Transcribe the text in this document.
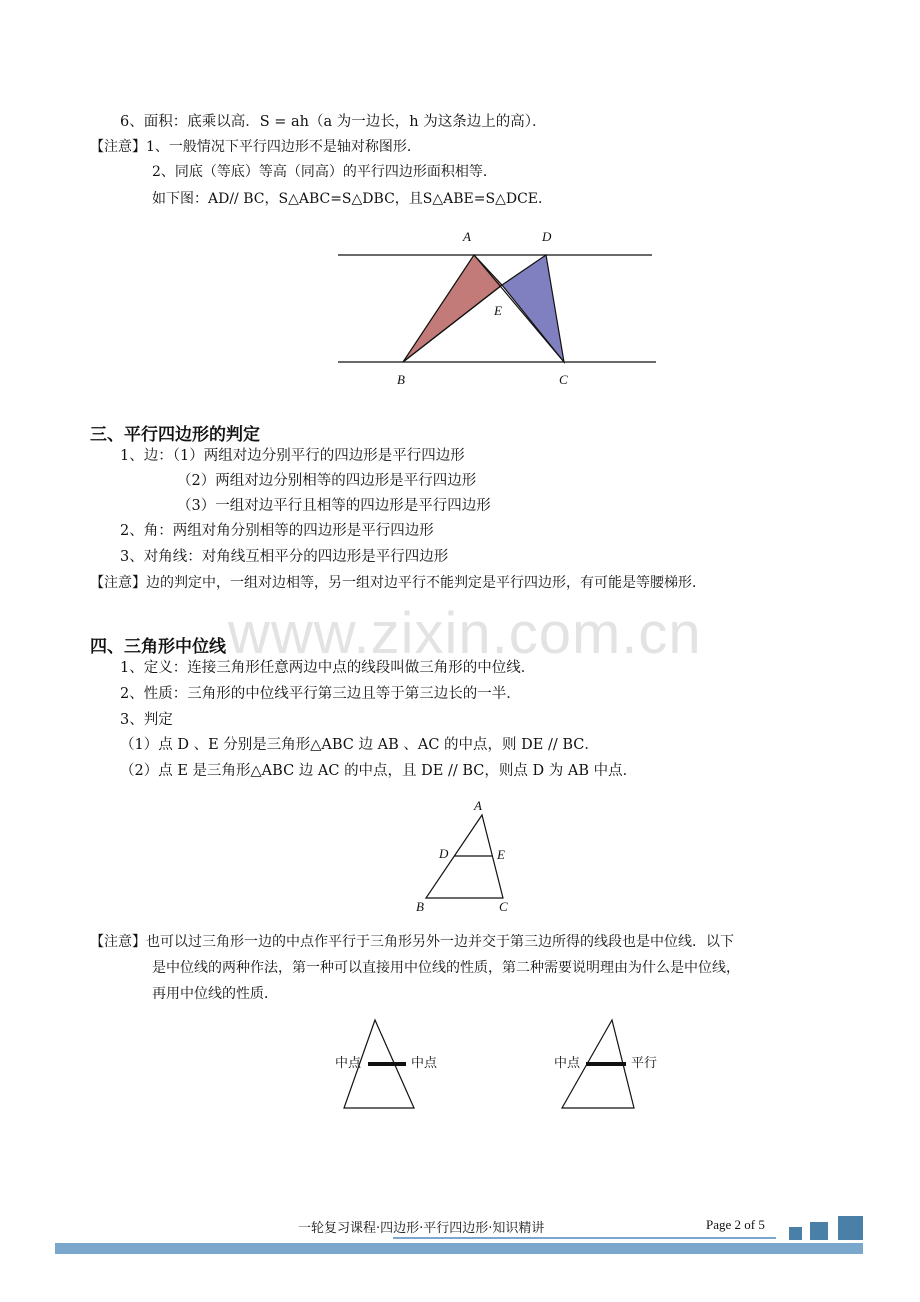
www.zixin.com.cn
6、面积：底乘以高．S = ah（a 为一边长，h 为这条边上的高）．
【注意】1、一般情况下平行四边形不是轴对称图形．
2、同底（等底）等高（同高）的平行四边形面积相等．
如下图：AD// BC，S△ABC=S△DBC，且S△ABE=S△DCE．
A	D
E
B	C
三、平行四边形的判定
1、边：（1）两组对边分别平行的四边形是平行四边形
（2）两组对边分别相等的四边形是平行四边形
（3）一组对边平行且相等的四边形是平行四边形
2、角：两组对角分别相等的四边形是平行四边形
3、对角线：对角线互相平分的四边形是平行四边形
【注意】边的判定中，一组对边相等，另一组对边平行不能判定是平行四边形，有可能是等腰梯形．
四、三角形中位线
1、定义：连接三角形任意两边中点的线段叫做三角形的中位线．
2、性质：三角形的中位线平行第三边且等于第三边长的一半．
3、判定
（1）点 D 、E 分别是三角形△ABC 边 AB 、AC 的中点，则 DE // BC．
（2）点 E 是三角形△ABC 边 AC 的中点，且 DE // BC，则点 D 为 AB 中点．
A
D	E
B	C
【注意】也可以过三角形一边的中点作平行于三角形另外一边并交于第三边所得的线段也是中位线．以下
是中位线的两种作法，第一种可以直接用中位线的性质，第二种需要说明理由为什么是中位线，
再用中位线的性质．
中点	中点	中点	平行
一轮复习课程·四边形·平行四边形·知识精讲	Page 2 of 5
